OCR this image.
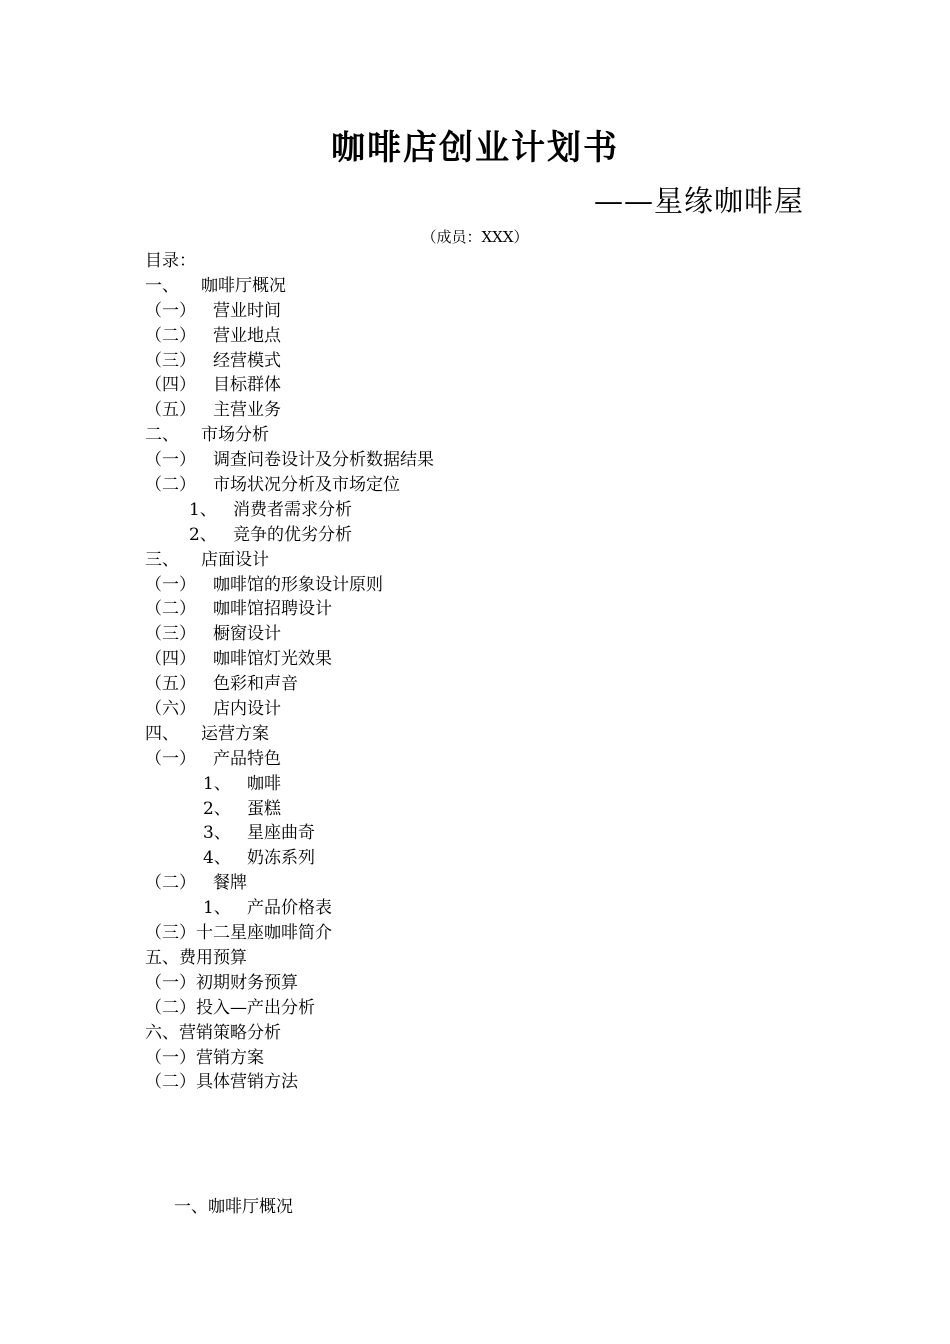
咖啡店创业计划书
——星缘咖啡屋
（成员：XXX）
目录：
一、 咖啡厅概况
（一） 营业时间
（二） 营业地点
（三） 经营模式
（四） 目标群体
（五） 主营业务
二、 市场分析
（一） 调查问卷设计及分析数据结果
（二） 市场状况分析及市场定位
1、 消费者需求分析
2、 竞争的优劣分析
三、 店面设计
（一） 咖啡馆的形象设计原则
（二） 咖啡馆招聘设计
（三） 橱窗设计
（四） 咖啡馆灯光效果
（五） 色彩和声音
（六） 店内设计
四、 运营方案
（一） 产品特色
1、 咖啡
2、 蛋糕
3、 星座曲奇
4、 奶冻系列
（二） 餐牌
1、 产品价格表
（三）十二星座咖啡简介
五、费用预算
（一）初期财务预算
（二）投入—产出分析
六、营销策略分析
（一）营销方案
（二）具体营销方法
一、咖啡厅概况
